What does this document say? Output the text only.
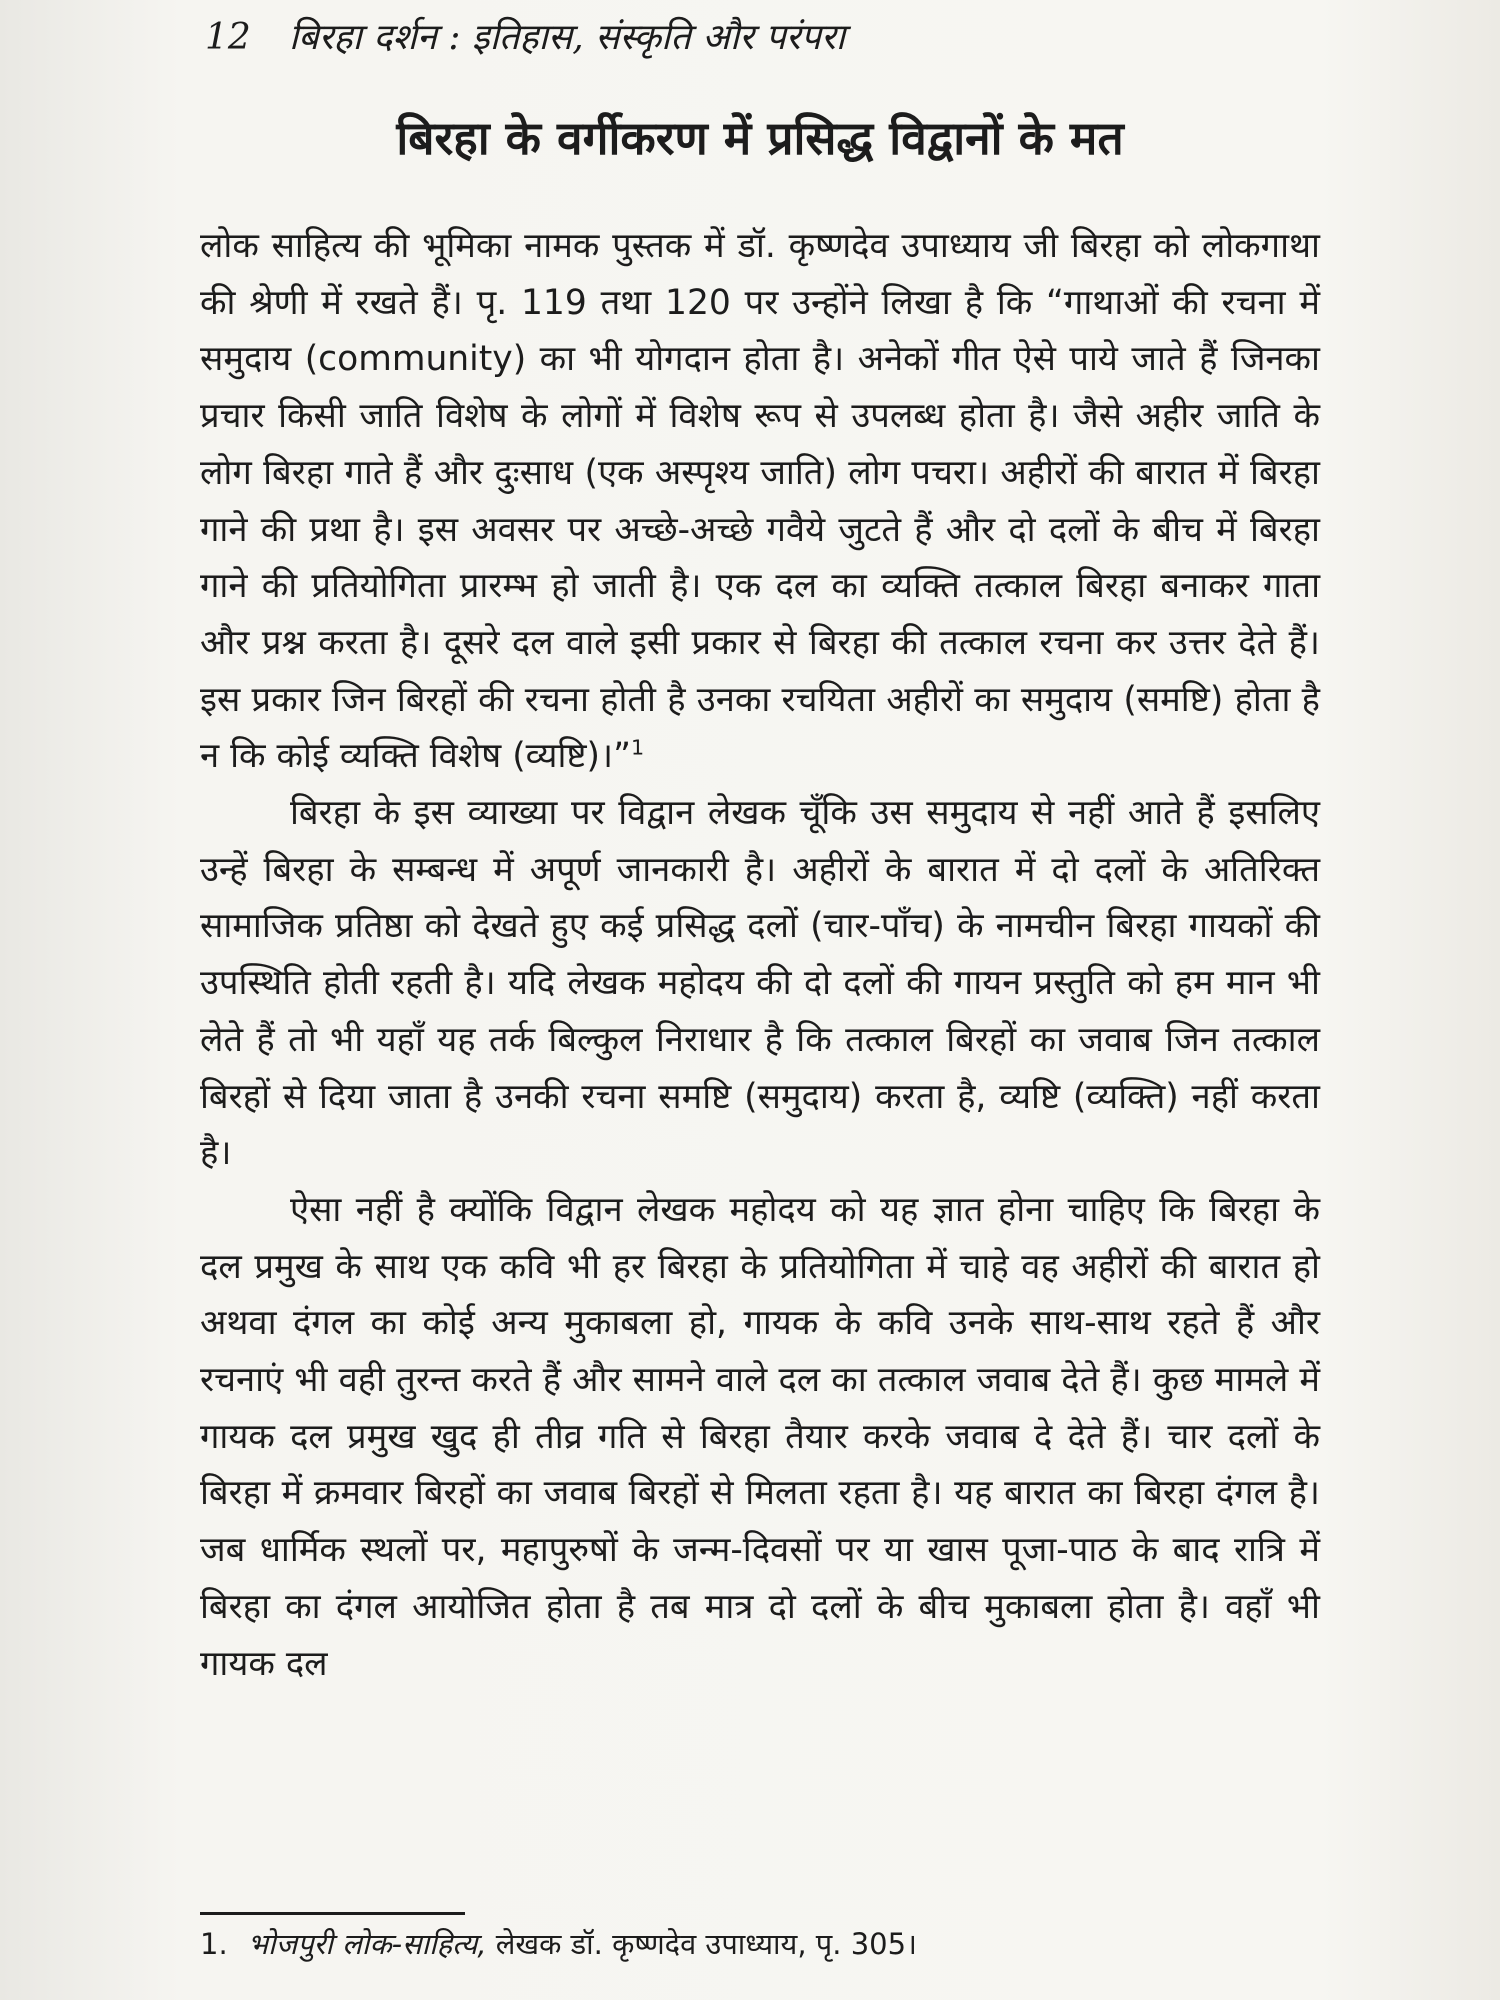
12 बिरहा दर्शन : इतिहास, संस्कृति और परंपरा
बिरहा के वर्गीकरण में प्रसिद्ध विद्वानों के मत

लोक साहित्य की भूमिका नामक पुस्तक में डॉ. कृष्णदेव उपाध्याय जी बिरहा को लोकगाथा की श्रेणी में रखते हैं। पृ. 119 तथा 120 पर उन्होंने लिखा है कि “गाथाओं की रचना में समुदाय (community) का भी योगदान होता है। अनेकों गीत ऐसे पाये जाते हैं जिनका प्रचार किसी जाति विशेष के लोगों में विशेष रूप से उपलब्ध होता है। जैसे अहीर जाति के लोग बिरहा गाते हैं और दुःसाध (एक अस्पृश्य जाति) लोग पचरा। अहीरों की बारात में बिरहा गाने की प्रथा है। इस अवसर पर अच्छे-अच्छे गवैये जुटते हैं और दो दलों के बीच में बिरहा गाने की प्रतियोगिता प्रारम्भ हो जाती है। एक दल का व्यक्ति तत्काल बिरहा बनाकर गाता और प्रश्न करता है। दूसरे दल वाले इसी प्रकार से बिरहा की तत्काल रचना कर उत्तर देते हैं। इस प्रकार जिन बिरहों की रचना होती है उनका रचयिता अहीरों का समुदाय (समष्टि) होता है न कि कोई व्यक्ति विशेष (व्यष्टि)।”$^1$

बिरहा के इस व्याख्या पर विद्वान लेखक चूँकि उस समुदाय से नहीं आते हैं इसलिए उन्हें बिरहा के सम्बन्ध में अपूर्ण जानकारी है। अहीरों के बारात में दो दलों के अतिरिक्त सामाजिक प्रतिष्ठा को देखते हुए कई प्रसिद्ध दलों (चार-पाँच) के नामचीन बिरहा गायकों की उपस्थिति होती रहती है। यदि लेखक महोदय की दो दलों की गायन प्रस्तुति को हम मान भी लेते हैं तो भी यहाँ यह तर्क बिल्कुल निराधार है कि तत्काल बिरहों का जवाब जिन तत्काल बिरहों से दिया जाता है उनकी रचना समष्टि (समुदाय) करता है, व्यष्टि (व्यक्ति) नहीं करता है।

ऐसा नहीं है क्योंकि विद्वान लेखक महोदय को यह ज्ञात होना चाहिए कि बिरहा के दल प्रमुख के साथ एक कवि भी हर बिरहा के प्रतियोगिता में चाहे वह अहीरों की बारात हो अथवा दंगल का कोई अन्य मुकाबला हो, गायक के कवि उनके साथ-साथ रहते हैं और रचनाएं भी वही तुरन्त करते हैं और सामने वाले दल का तत्काल जवाब देते हैं। कुछ मामले में गायक दल प्रमुख खुद ही तीव्र गति से बिरहा तैयार करके जवाब दे देते हैं। चार दलों के बिरहा में क्रमवार बिरहों का जवाब बिरहों से मिलता रहता है। यह बारात का बिरहा दंगल है। जब धार्मिक स्थलों पर, महापुरुषों के जन्म-दिवसों पर या खास पूजा-पाठ के बाद रात्रि में बिरहा का दंगल आयोजित होता है तब मात्र दो दलों के बीच मुकाबला होता है। वहाँ भी गायक दल

1. भोजपुरी लोक-साहित्य, लेखक डॉ. कृष्णदेव उपाध्याय, पृ. 305।
